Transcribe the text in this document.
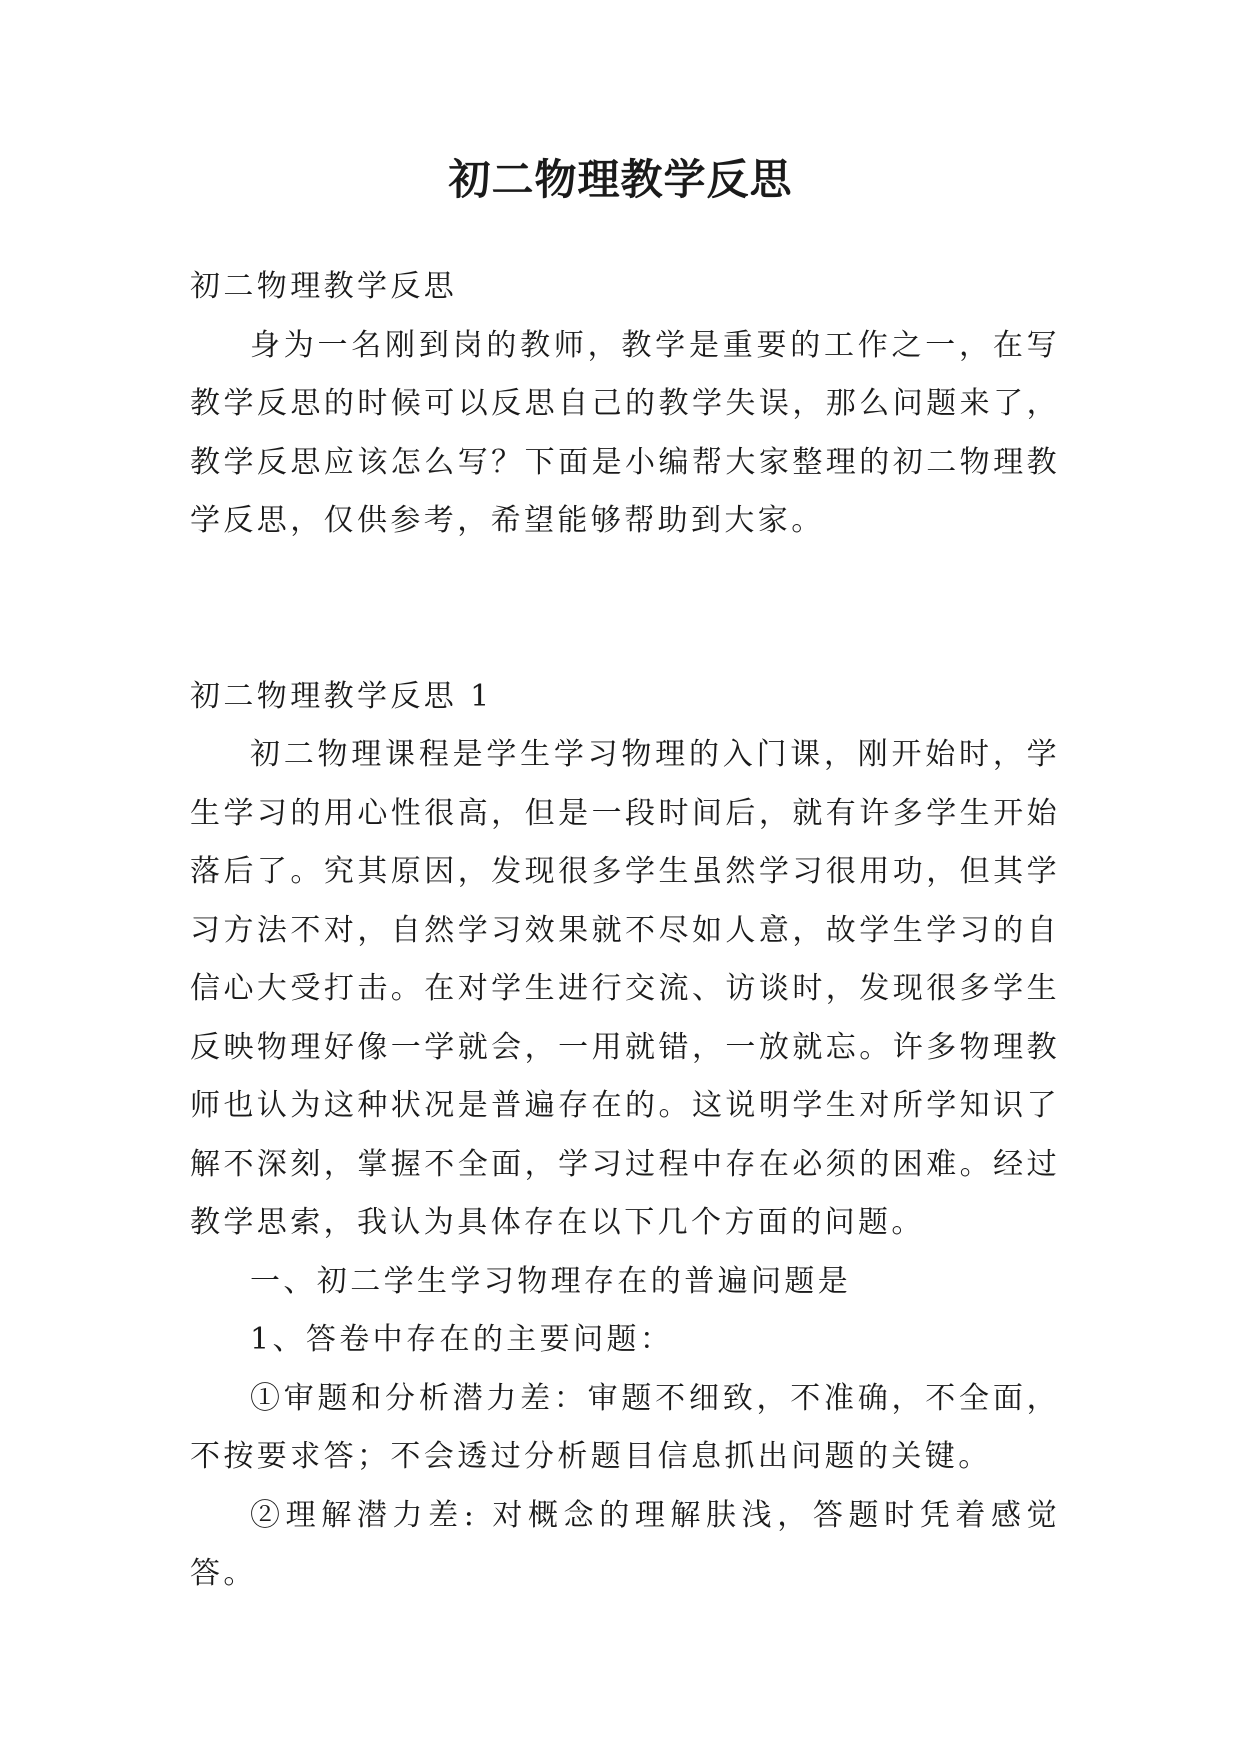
初二物理教学反思

初二物理教学反思

身为一名刚到岗的教师，教学是重要的工作之一，在写教学反思的时候可以反思自己的教学失误，那么问题来了，教学反思应该怎么写？下面是小编帮大家整理的初二物理教学反思，仅供参考，希望能够帮助到大家。

初二物理教学反思 1

初二物理课程是学生学习物理的入门课，刚开始时，学生学习的用心性很高，但是一段时间后，就有许多学生开始落后了。究其原因，发现很多学生虽然学习很用功，但其学习方法不对，自然学习效果就不尽如人意，故学生学习的自信心大受打击。在对学生进行交流、访谈时，发现很多学生反映物理好像一学就会，一用就错，一放就忘。许多物理教师也认为这种状况是普遍存在的。这说明学生对所学知识了解不深刻，掌握不全面，学习过程中存在必须的困难。经过教学思索，我认为具体存在以下几个方面的问题。

一、初二学生学习物理存在的普遍问题是

1、答卷中存在的主要问题：

①审题和分析潜力差：审题不细致，不准确，不全面，不按要求答；不会透过分析题目信息抓出问题的关键。

②理解潜力差: 对概念的理解肤浅，答题时凭着感觉答。
